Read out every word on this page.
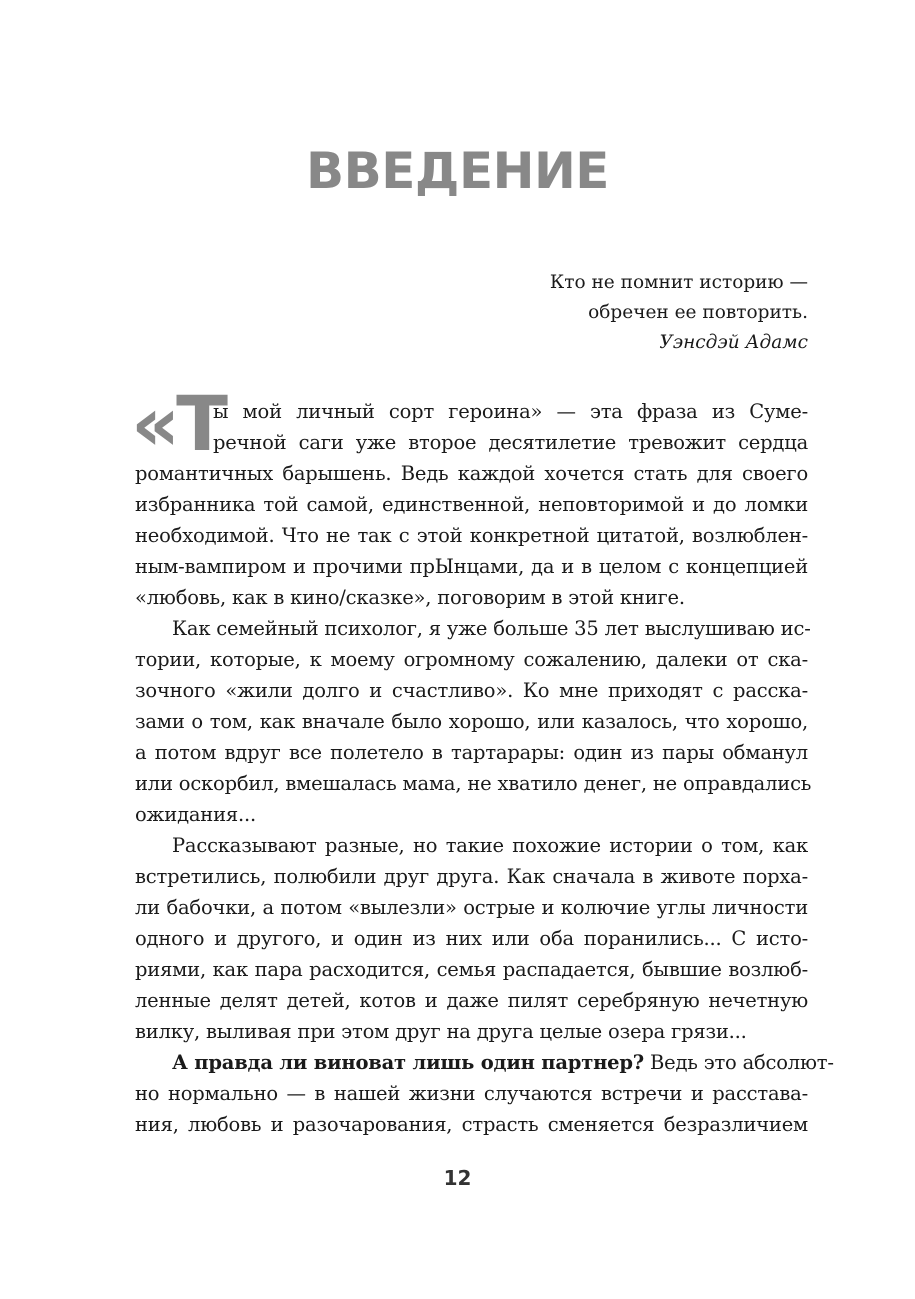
ВВЕДЕНИЕ
Кто не помнит историю —
обречен ее повторить.
Уэнсдэй Адамс
«Т
ы мой личный сорт героина» — эта фраза из Суме-
речной саги уже второе десятилетие тревожит сердца
романтичных барышень. Ведь каждой хочется стать для своего
избранника той самой, единственной, неповторимой и до ломки
необходимой. Что не так с этой конкретной цитатой, возлюблен-
ным-вампиром и прочими прЫнцами, да и в целом с концепцией
«любовь, как в кино/сказке», поговорим в этой книге.
Как семейный психолог, я уже больше 35 лет выслушиваю ис-
тории, которые, к моему огромному сожалению, далеки от ска-
зочного «жили долго и счастливо». Ко мне приходят с расска-
зами о том, как вначале было хорошо, или казалось, что хорошо,
а потом вдруг все полетело в тартарары: один из пары обманул
или оскорбил, вмешалась мама, не хватило денег, не оправдались
ожидания...
Рассказывают разные, но такие похожие истории о том, как
встретились, полюбили друг друга. Как сначала в животе порха-
ли бабочки, а потом «вылезли» острые и колючие углы личности
одного и другого, и один из них или оба поранились... С исто-
риями, как пара расходится, семья распадается, бывшие возлюб-
ленные делят детей, котов и даже пилят серебряную нечетную
вилку, выливая при этом друг на друга целые озера грязи...
А правда ли виноват лишь один партнер? Ведь это абсолют-
но нормально — в нашей жизни случаются встречи и расстава-
ния, любовь и разочарования, страсть сменяется безразличием
12
